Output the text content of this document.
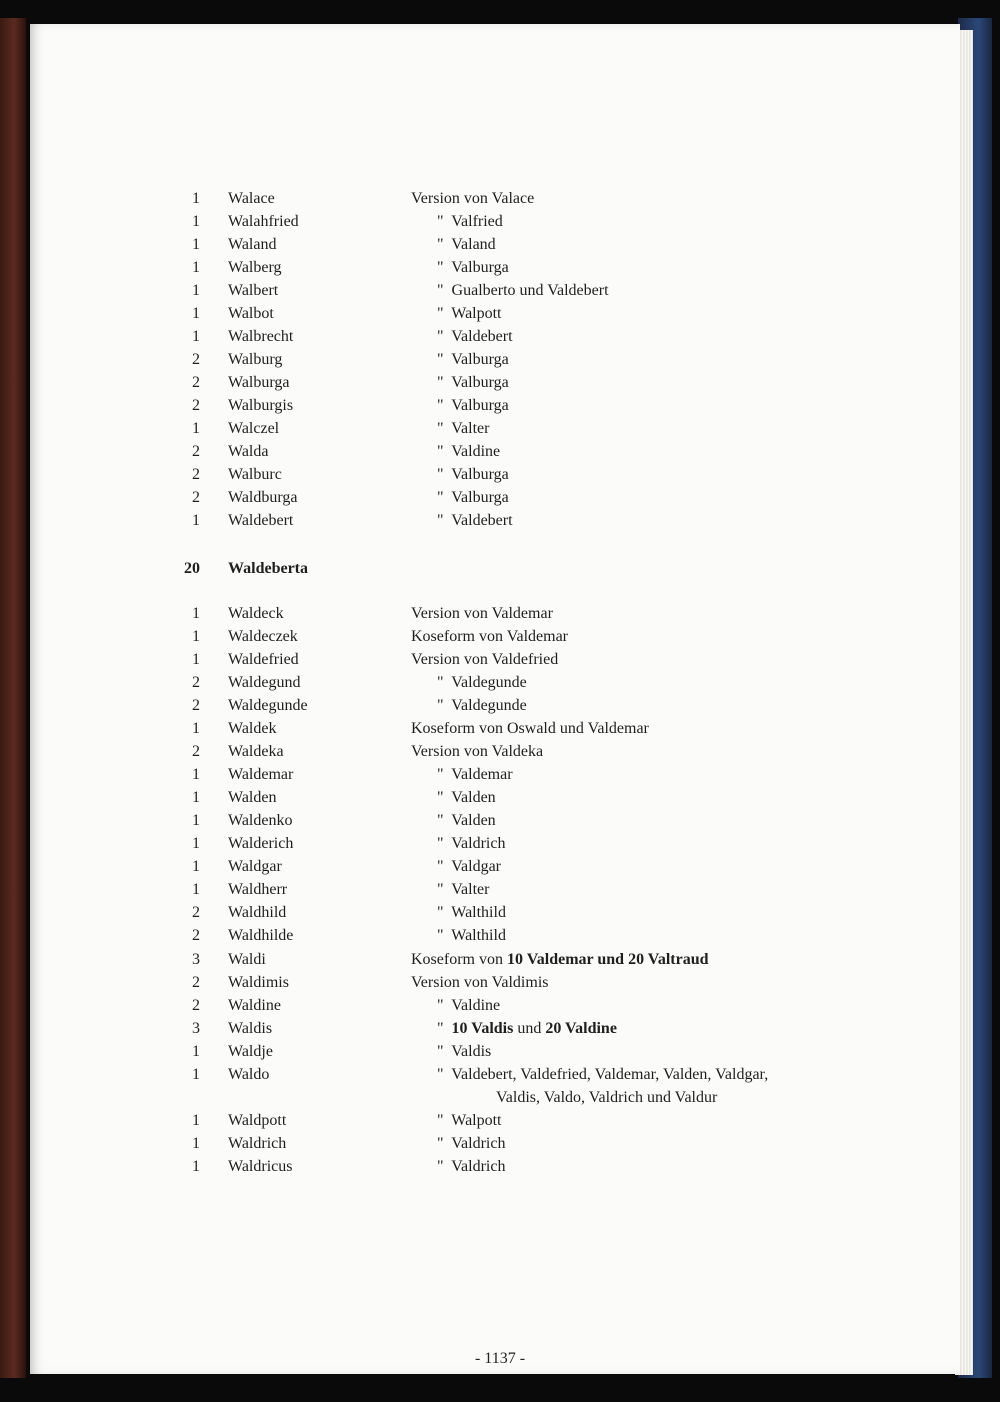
1 Walace	Version von Valace
1 Walahfried	"  Valfried
1 Waland	"  Valand
1 Walberg	"  Valburga
1 Walbert	"  Gualberto und Valdebert
1 Walbot	"  Walpott
1 Walbrecht	"  Valdebert
2 Walburg	"  Valburga
2 Walburga	"  Valburga
2 Walburgis	"  Valburga
1 Walczel	"  Valter
2 Walda	"  Valdine
2 Walburc	"  Valburga
2 Waldburga	"  Valburga
1 Waldebert	"  Valdebert
20 Waldeberta
1 Waldeck	Version von Valdemar
1 Waldeczek	Koseform von Valdemar
1 Waldefried	Version von Valdefried
2 Waldegund	"  Valdegunde
2 Waldegunde	"  Valdegunde
1 Waldek	Koseform von Oswald und Valdemar
2 Waldeka	Version von Valdeka
1 Waldemar	"  Valdemar
1 Walden	"  Valden
1 Waldenko	"  Valden
1 Walderich	"  Valdrich
1 Waldgar	"  Valdgar
1 Waldherr	"  Valter
2 Waldhild	"  Walthild
2 Waldhilde	"  Walthild
3 Waldi	Koseform von 10 Valdemar und 20 Valtraud
2 Waldimis	Version von Valdimis
2 Waldine	"  Valdine
3 Waldis	"  10 Valdis und 20 Valdine
1 Waldje	"  Valdis
1 Waldo	"  Valdebert, Valdefried, Valdemar, Valden, Valdgar,
Valdis, Valdo, Valdrich und Valdur
1 Waldpott	"  Walpott
1 Waldrich	"  Valdrich
1 Waldricus	"  Valdrich
- 1137 -
